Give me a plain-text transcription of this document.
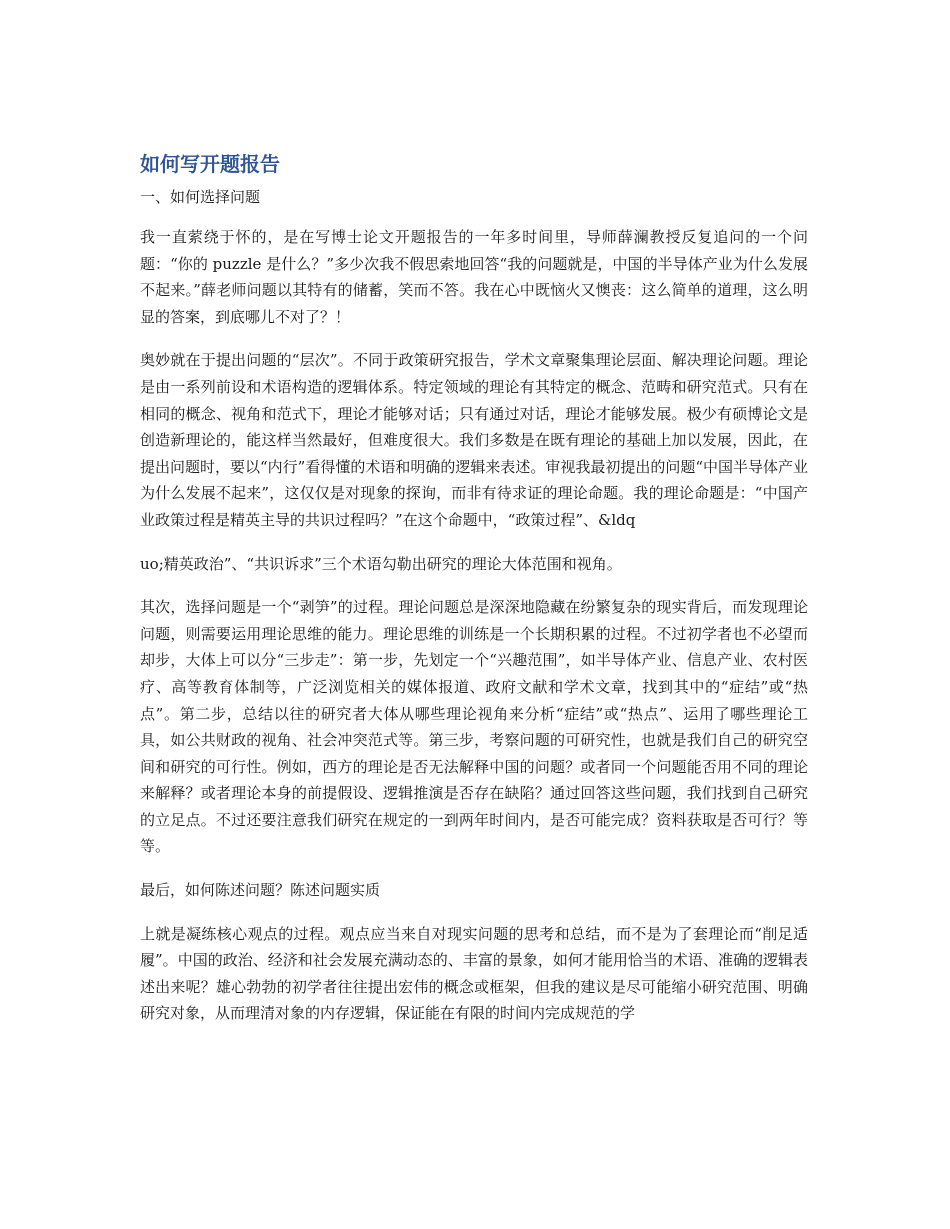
如何写开题报告
一、如何选择问题

我一直萦绕于怀的，是在写博士论文开题报告的一年多时间里，导师薛澜教授反复追问的一个问题：“你的 puzzle 是什么？”多少次我不假思索地回答“我的问题就是，中国的半导体产业为什么发展不起来。”薛老师问题以其特有的储蓄，笑而不答。我在心中既恼火又懊丧：这么简单的道理，这么明显的答案，到底哪儿不对了？！

奥妙就在于提出问题的“层次”。不同于政策研究报告，学术文章聚集理论层面、解决理论问题。理论是由一系列前设和术语构造的逻辑体系。特定领域的理论有其特定的概念、范畴和研究范式。只有在相同的概念、视角和范式下，理论才能够对话；只有通过对话，理论才能够发展。极少有硕博论文是创造新理论的，能这样当然最好，但难度很大。我们多数是在既有理论的基础上加以发展，因此，在提出问题时，要以“内行”看得懂的术语和明确的逻辑来表述。审视我最初提出的问题“中国半导体产业为什么发展不起来”，这仅仅是对现象的探询，而非有待求证的理论命题。我的理论命题是：“中国产业政策过程是精英主导的共识过程吗？”在这个命题中，“政策过程”、&ldq

uo;精英政治”、“共识诉求”三个术语勾勒出研究的理论大体范围和视角。

其次，选择问题是一个“剥笋”的过程。理论问题总是深深地隐藏在纷繁复杂的现实背后，而发现理论问题，则需要运用理论思维的能力。理论思维的训练是一个长期积累的过程。不过初学者也不必望而却步，大体上可以分“三步走”：第一步，先划定一个“兴趣范围”，如半导体产业、信息产业、农村医疗、高等教育体制等，广泛浏览相关的媒体报道、政府文献和学术文章，找到其中的“症结”或“热点”。第二步，总结以往的研究者大体从哪些理论视角来分析“症结”或“热点”、运用了哪些理论工具，如公共财政的视角、社会冲突范式等。第三步，考察问题的可研究性，也就是我们自己的研究空间和研究的可行性。例如，西方的理论是否无法解释中国的问题？或者同一个问题能否用不同的理论来解释？或者理论本身的前提假设、逻辑推演是否存在缺陷？通过回答这些问题，我们找到自己研究的立足点。不过还要注意我们研究在规定的一到两年时间内，是否可能完成？资料获取是否可行？等等。

最后，如何陈述问题？陈述问题实质

上就是凝练核心观点的过程。观点应当来自对现实问题的思考和总结，而不是为了套理论而“削足适履”。中国的政治、经济和社会发展充满动态的、丰富的景象，如何才能用恰当的术语、准确的逻辑表述出来呢？雄心勃勃的初学者往往提出宏伟的概念或框架，但我的建议是尽可能缩小研究范围、明确研究对象，从而理清对象的内存逻辑，保证能在有限的时间内完成规范的学
